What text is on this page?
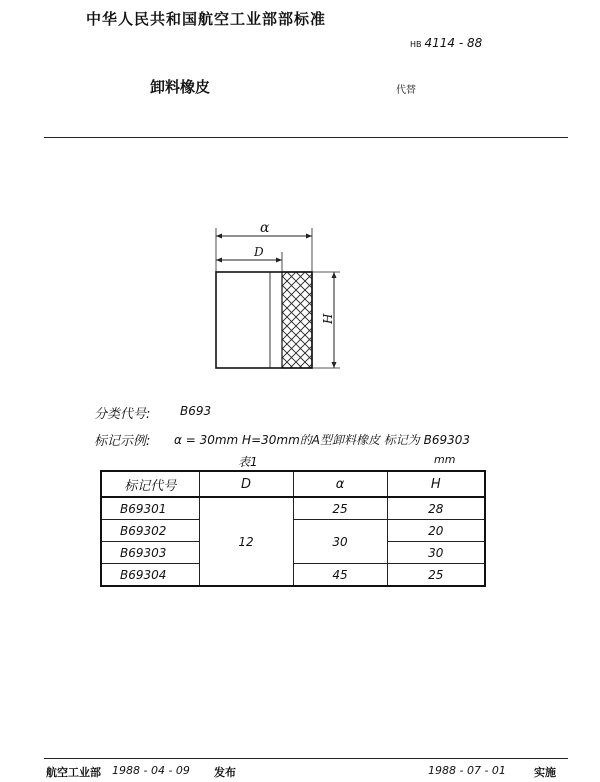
中华人民共和国航空工业部部标准
HB 4114 - 88
卸料橡皮	代替
α
D
H
分类代号: B693
标记示例: α = 30mm H=30mm的A型卸料橡皮 标记为 B69303
表1	mm
标记代号	D	α	H
B69301	12	25	28
B69302		30	20
B69303			30
B69304		45	25
航空工业部 1988 - 04 - 09 发布	1988 - 07 - 01	实施
